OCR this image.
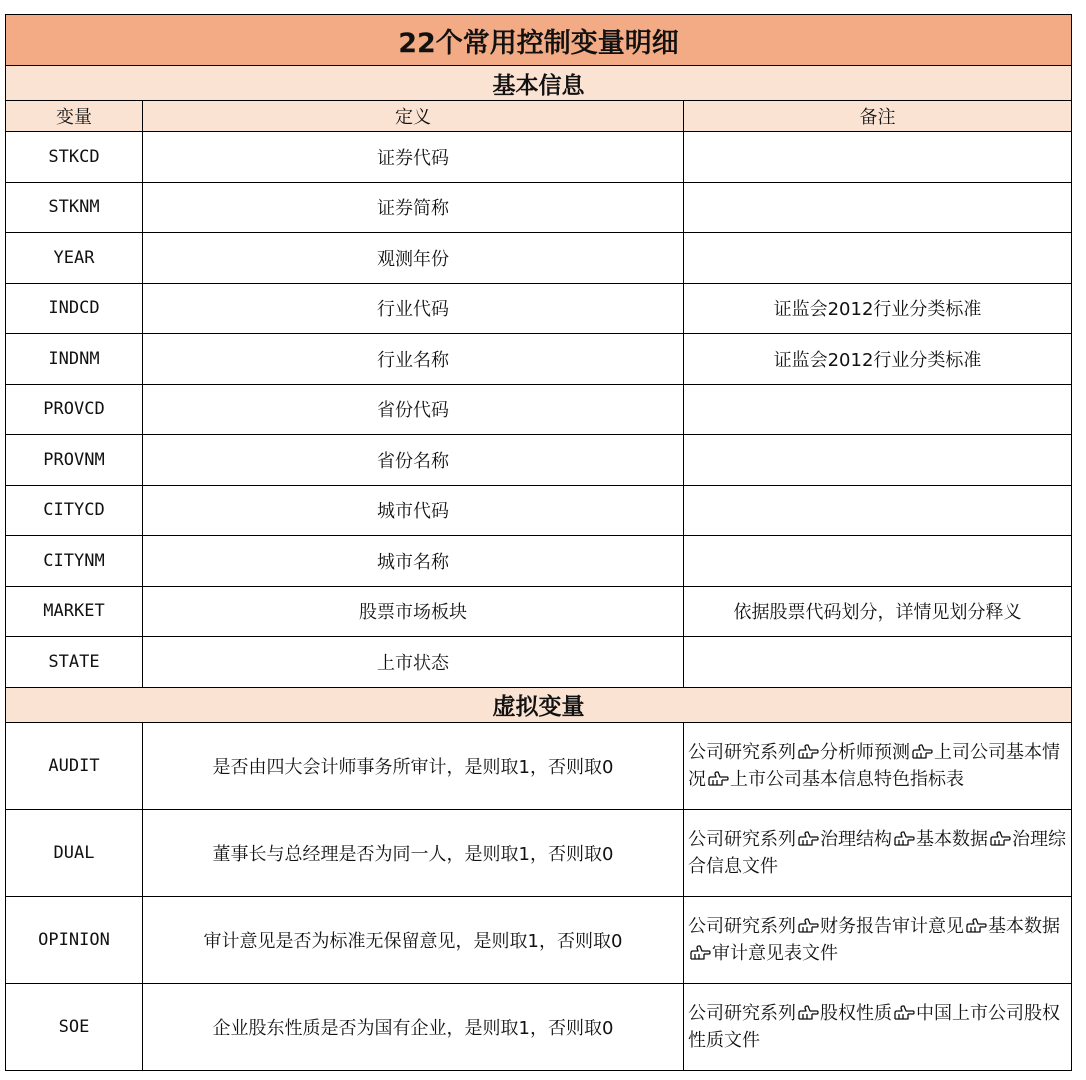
22个常用控制变量明细		
基本信息		
变量	定义	备注
STKCD	证券代码	
STKNM	证券简称	
YEAR	观测年份	
INDCD	行业代码	证监会2012行业分类标准
INDNM	行业名称	证监会2012行业分类标准
PROVCD	省份代码	
PROVNM	省份名称	
CITYCD	城市代码	
CITYNM	城市名称	
MARKET	股票市场板块	依据股票代码划分，详情见划分释义
STATE	上市状态	
虚拟变量		
AUDIT	是否由四大会计师事务所审计，是则取1，否则取0	公司研究系列 分析师预测 上司公司基本情况 上市公司基本信息特色指标表
DUAL	董事长与总经理是否为同一人，是则取1，否则取0	公司研究系列 治理结构 基本数据 治理综合信息文件
OPINION	审计意见是否为标准无保留意见，是则取1，否则取0	公司研究系列 财务报告审计意见 基本数据审计意见表文件
SOE	企业股东性质是否为国有企业，是则取1，否则取0	公司研究系列 股权性质 中国上市公司股权性质文件
